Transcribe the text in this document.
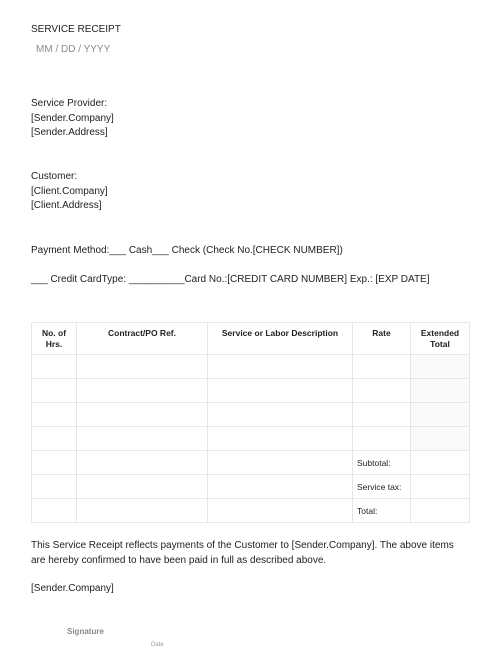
SERVICE RECEIPT
MM / DD / YYYY
Service Provider:
[Sender.Company]
[Sender.Address]
Customer:
[Client.Company]
[Client.Address]
Payment Method:___ Cash___ Check (Check No.[CHECK NUMBER])
___ Credit CardType: __________Card No.:[CREDIT CARD NUMBER] Exp.: [EXP DATE]
No. of Hrs.	Contract/PO Ref.	Service or Labor Description	Rate	Extended Total

			Subtotal:	
			Service tax:	
			Total:	
This Service Receipt reflects payments of the Customer to [Sender.Company]. The above items are hereby confirmed to have been paid in full as described above.
[Sender.Company]
Signature
Date
